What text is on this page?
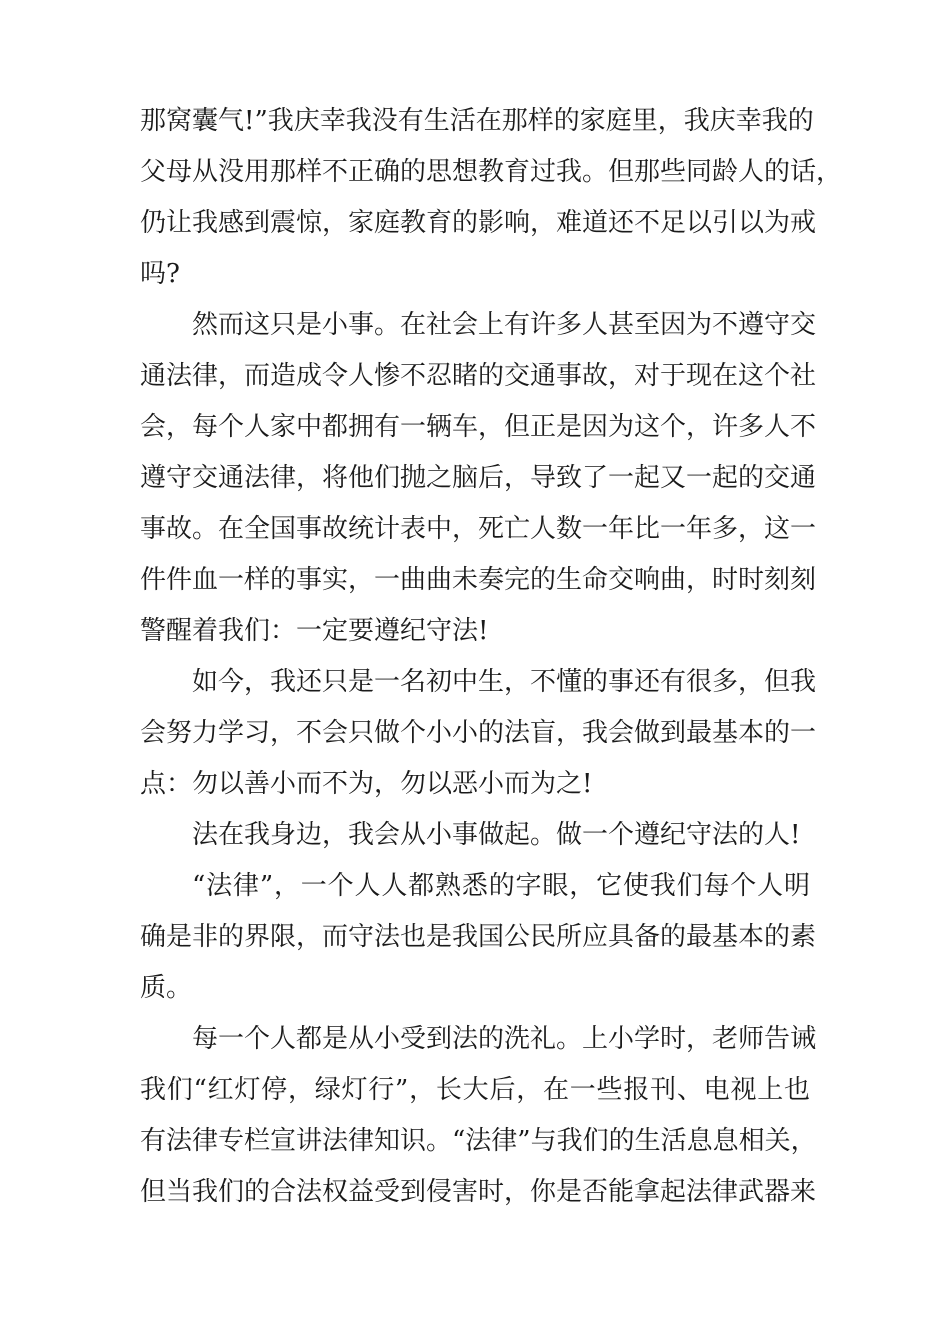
那窝囊气!”我庆幸我没有生活在那样的家庭里，我庆幸我的
父母从没用那样不正确的思想教育过我。但那些同龄人的话，
仍让我感到震惊，家庭教育的影响，难道还不足以引以为戒
吗?
然而这只是小事。在社会上有许多人甚至因为不遵守交
通法律，而造成令人惨不忍睹的交通事故，对于现在这个社
会，每个人家中都拥有一辆车，但正是因为这个，许多人不
遵守交通法律，将他们抛之脑后，导致了一起又一起的交通
事故。在全国事故统计表中，死亡人数一年比一年多，这一
件件血一样的事实，一曲曲未奏完的生命交响曲，时时刻刻
警醒着我们：一定要遵纪守法!
如今，我还只是一名初中生，不懂的事还有很多，但我
会努力学习，不会只做个小小的法盲，我会做到最基本的一
点：勿以善小而不为，勿以恶小而为之!
法在我身边，我会从小事做起。做一个遵纪守法的人!
“法律”，一个人人都熟悉的字眼，它使我们每个人明
确是非的界限，而守法也是我国公民所应具备的最基本的素
质。
每一个人都是从小受到法的洗礼。上小学时，老师告诫
我们“红灯停，绿灯行”，长大后，在一些报刊、电视上也
有法律专栏宣讲法律知识。“法律”与我们的生活息息相关，
但当我们的合法权益受到侵害时，你是否能拿起法律武器来
